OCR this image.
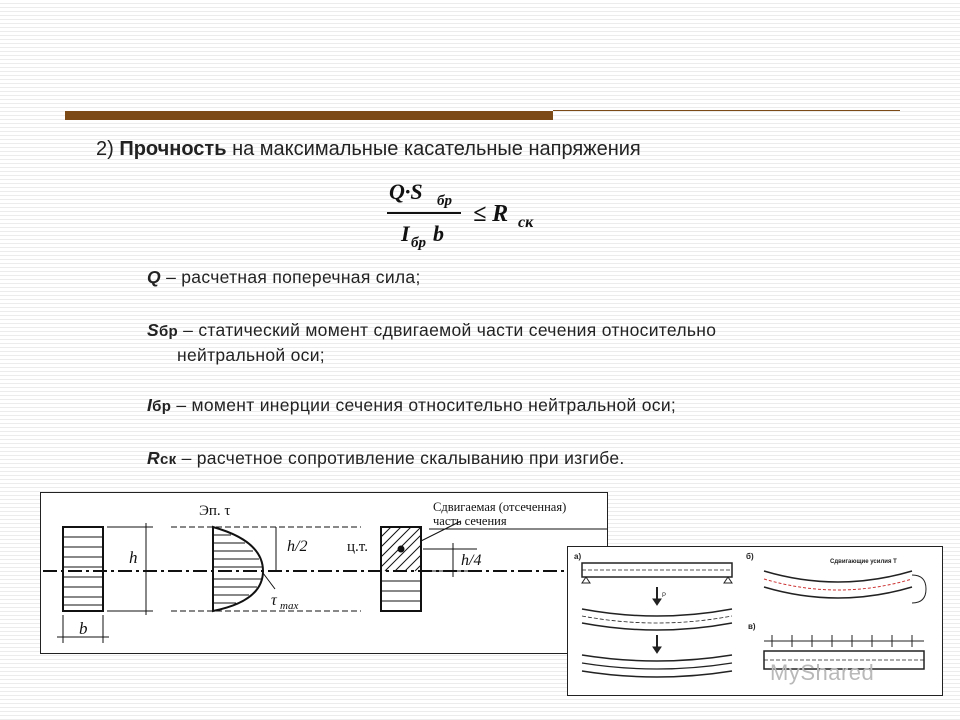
2) Прочность на максимальные касательные напряжения
Q·S бр
I бр b
≤ R ск

Q – расчетная поперечная сила;

Sбр – статический момент сдвигаемой части сечения относительно
нейтральной оси;

Iбр – момент инерции сечения относительно нейтральной оси;

Rск – расчетное сопротивление скалыванию при изгибе.

h
b
Эп. τ
h/2
τ max
ц.т.
h/4
Сдвигаемая (отсеченная)
часть сечения
а)	б)
в)
P
Сдвигающие усилия T
MyShared
